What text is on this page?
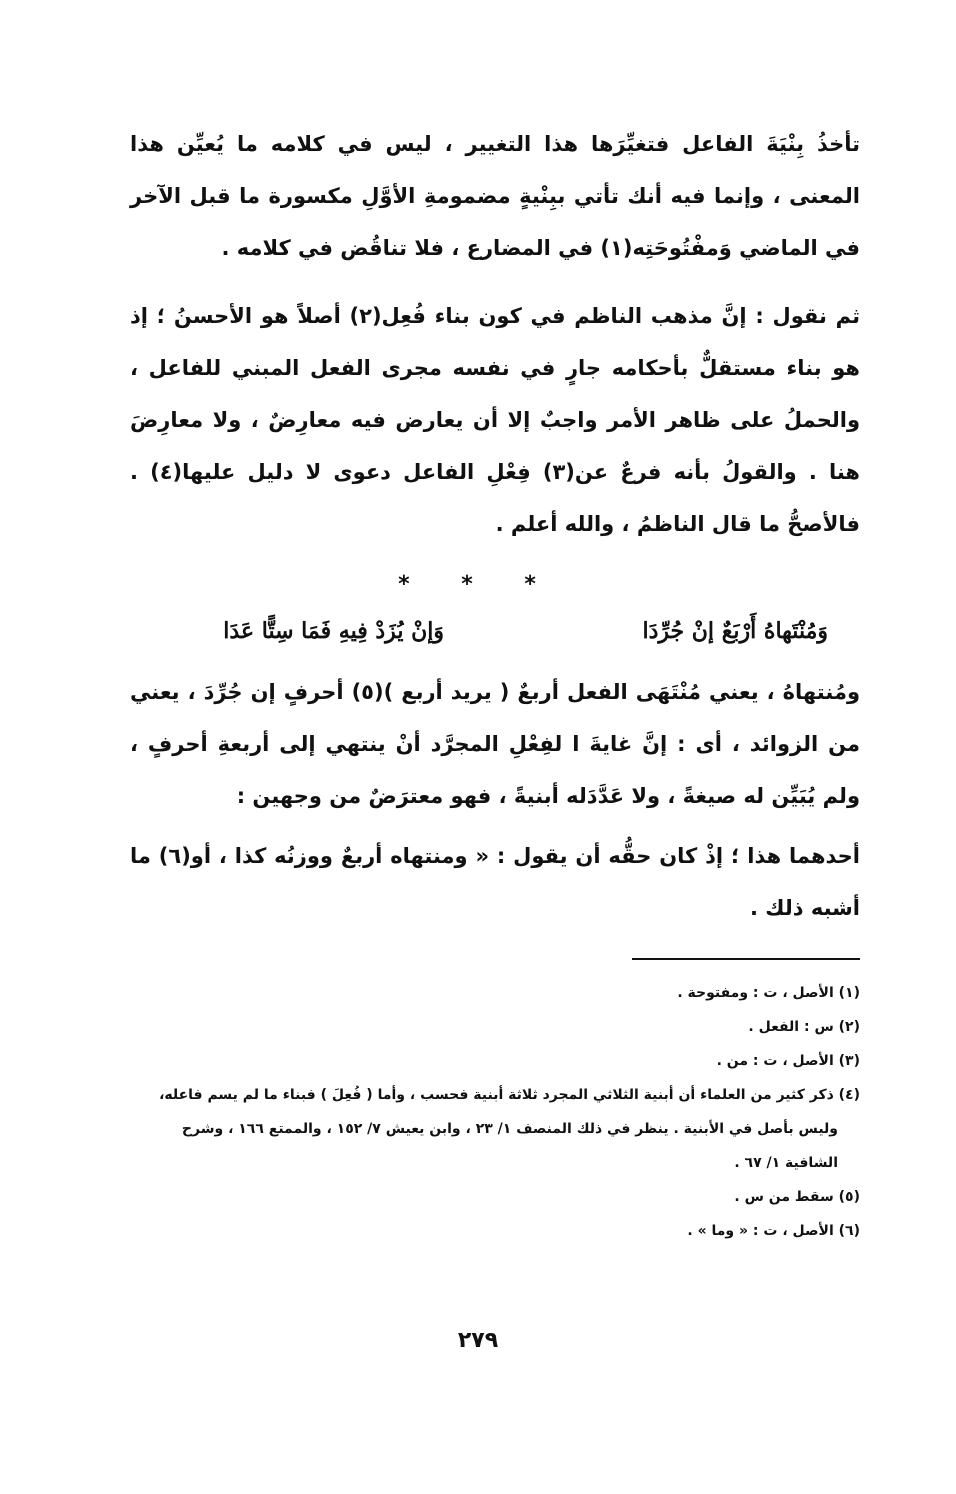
تأخذُ بِنْيَةَ الفاعل فتغيِّرَها هذا التغيير ، ليس في كلامه ما يُعيِّن هذا المعنى ، وإنما فيه أنك تأتي ببِنْيةٍ مضمومةِ الأوَّلِ مكسورة ما قبل الآخر في الماضي وَمفْتُوحَتِه(١) في المضارع ، فلا تناقُض في كلامه .

ثم نقول : إنَّ مذهب الناظم في كون بناء فُعِل(٢) أصلاً هو الأحسنُ ؛ إذ هو بناء مستقلٌّ بأحكامه جارٍ في نفسه مجرى الفعل المبني للفاعل ، والحملُ على ظاهر الأمر واجبٌ إلا أن يعارض فيه معارِضٌ ، ولا معارِضَ هنا . والقولُ بأنه فرعٌ عن(٣) فِعْلِ الفاعل دعوى لا دليل عليها(٤) . فالأصحُّ ما قال الناظمُ ، والله أعلم .

* * *
وَمُنْتَهاهُ أَرْبَعٌ إنْ جُرِّدَا
وَإنْ يُزَدْ فِيهِ فَمَا سِتًّا عَدَا

ومُنتهاهُ ، يعني مُنْتَهَى الفعل أربعٌ ( يريد أربع )(٥) أحرفٍ إن جُرِّدَ ، يعني من الزوائد ، أى : إنَّ غايةَ ا لفِعْلِ المجرَّد أنْ ينتهي إلى أربعةِ أحرفٍ ، ولم يُبَيِّن له صيغةً ، ولا عَدَّدَله أبنيةً ، فهو معترَضٌ من وجهين :

أحدهما هذا ؛ إذْ كان حقُّه أن يقول : « ومنتهاه أربعٌ ووزنُه كذا ، أو(٦) ما أشبه ذلك .

(١) الأصل ، ت : ومفتوحة .

(٢) س : الفعل .

(٣) الأصل ، ت : من .

(٤) ذكر كثير من العلماء أن أبنية الثلاثي المجرد ثلاثة أبنية فحسب ، وأما ( فُعِلَ ) فبناء ما لم يسم فاعله،

وليس بأصل في الأبنية . ينظر في ذلك المنصف ١/ ٢٣ ، وابن يعيش ٧/ ١٥٢ ، والممتع ١٦٦ ، وشرح

الشافية ١/ ٦٧ .

(٥) سقط من س .

(٦) الأصل ، ت : « وما » .

٢٧٩
